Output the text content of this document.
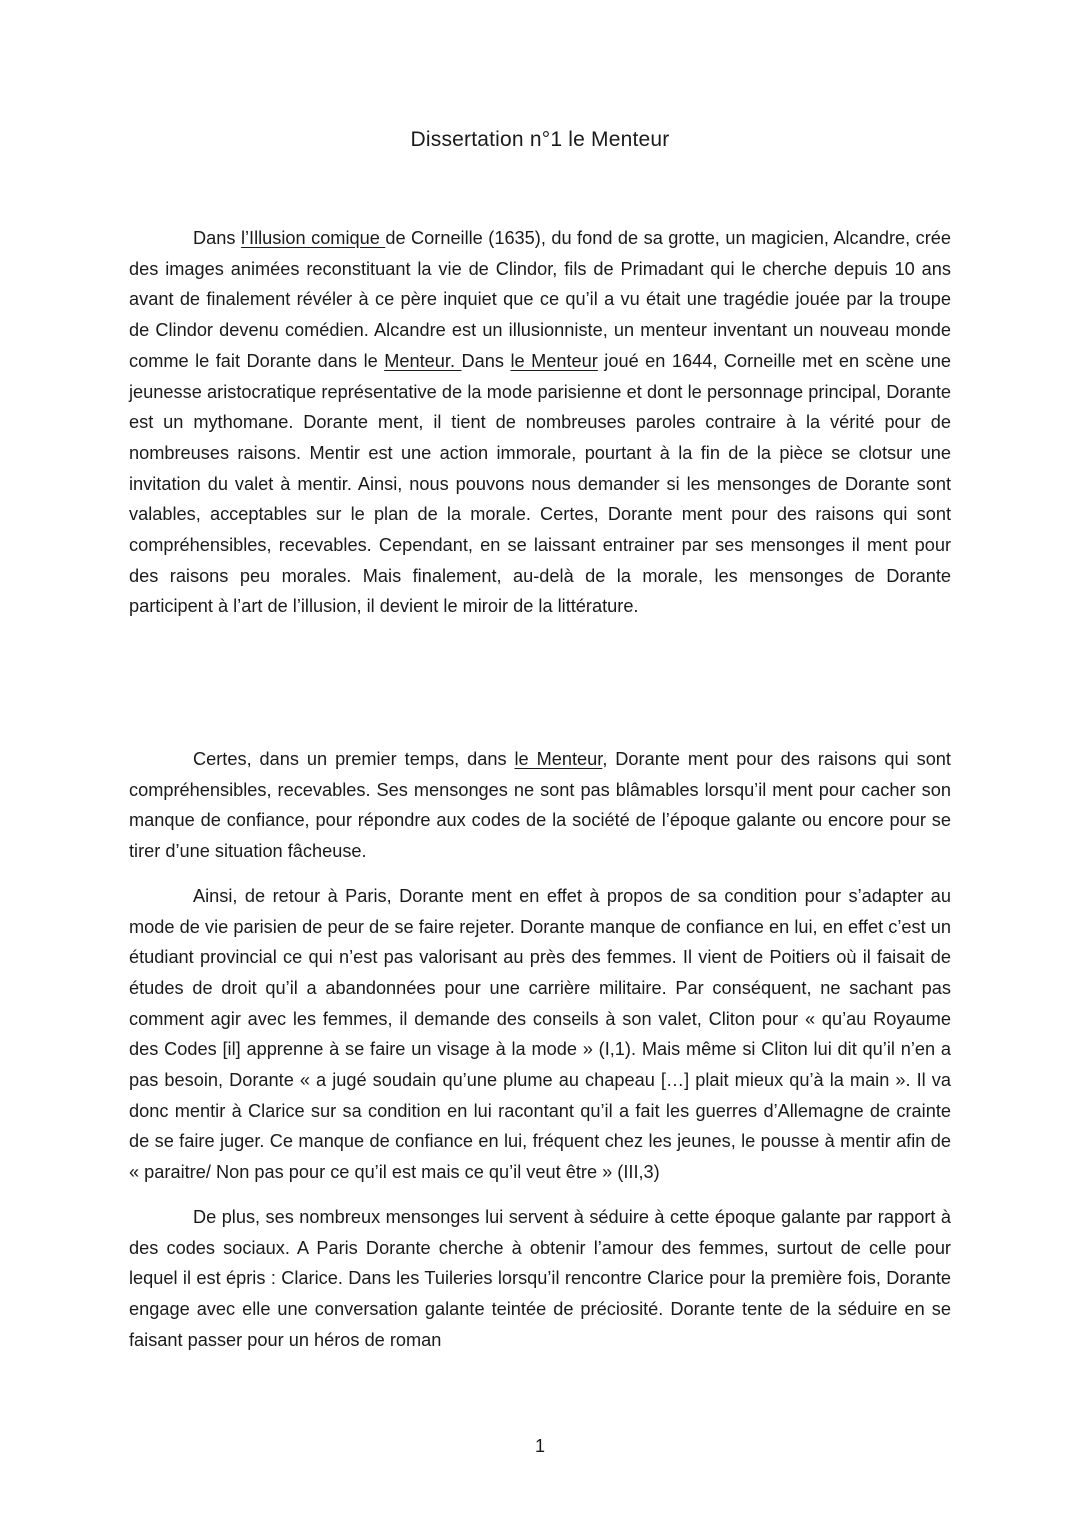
Dissertation n°1 le Menteur

Dans l’Illusion comique de Corneille (1635), du fond de sa grotte, un magicien, Alcandre, crée des images animées reconstituant la vie de Clindor, fils de Primadant qui le cherche depuis 10 ans avant de finalement révéler à ce père inquiet que ce qu’il a vu était une tragédie jouée par la troupe de Clindor devenu comédien. Alcandre est un illusionniste, un menteur inventant un nouveau monde comme le fait Dorante dans le Menteur. Dans le Menteur joué en 1644, Corneille met en scène une jeunesse aristocratique représentative de la mode parisienne et dont le personnage principal, Dorante est un mythomane. Dorante ment, il tient de nombreuses paroles contraire à la vérité pour de nombreuses raisons. Mentir est une action immorale, pourtant à la fin de la pièce se clotsur une invitation du valet à mentir. Ainsi, nous pouvons nous demander si les mensonges de Dorante sont valables, acceptables sur le plan de la morale. Certes, Dorante ment pour des raisons qui sont compréhensibles, recevables. Cependant, en se laissant entrainer par ses mensonges il ment pour des raisons peu morales. Mais finalement, au-delà de la morale, les mensonges de Dorante participent à l’art de l’illusion, il devient le miroir de la littérature.

Certes, dans un premier temps, dans le Menteur, Dorante ment pour des raisons qui sont compréhensibles, recevables. Ses mensonges ne sont pas blâmables lorsqu’il ment pour cacher son manque de confiance, pour répondre aux codes de la société de l’époque galante ou encore pour se tirer d’une situation fâcheuse.

Ainsi, de retour à Paris, Dorante ment en effet à propos de sa condition pour s’adapter au mode de vie parisien de peur de se faire rejeter. Dorante manque de confiance en lui, en effet c’est un étudiant provincial ce qui n’est pas valorisant au près des femmes. Il vient de Poitiers où il faisait de études de droit qu’il a abandonnées pour une carrière militaire. Par conséquent, ne sachant pas comment agir avec les femmes, il demande des conseils à son valet, Cliton pour « qu’au Royaume des Codes [il] apprenne à se faire un visage à la mode » (I,1). Mais même si Cliton lui dit qu’il n’en a pas besoin, Dorante « a jugé soudain qu’une plume au chapeau […] plait mieux qu’à la main ». Il va donc mentir à Clarice sur sa condition en lui racontant qu’il a fait les guerres d’Allemagne de crainte de se faire juger. Ce manque de confiance en lui, fréquent chez les jeunes, le pousse à mentir afin de « paraitre/ Non pas pour ce qu’il est mais ce qu’il veut être » (III,3)

De plus, ses nombreux mensonges lui servent à séduire à cette époque galante par rapport à des codes sociaux. A Paris Dorante cherche à obtenir l’amour des femmes, surtout de celle pour lequel il est épris : Clarice. Dans les Tuileries lorsqu’il rencontre Clarice pour la première fois, Dorante engage avec elle une conversation galante teintée de préciosité. Dorante tente de la séduire en se faisant passer pour un héros de roman

1
